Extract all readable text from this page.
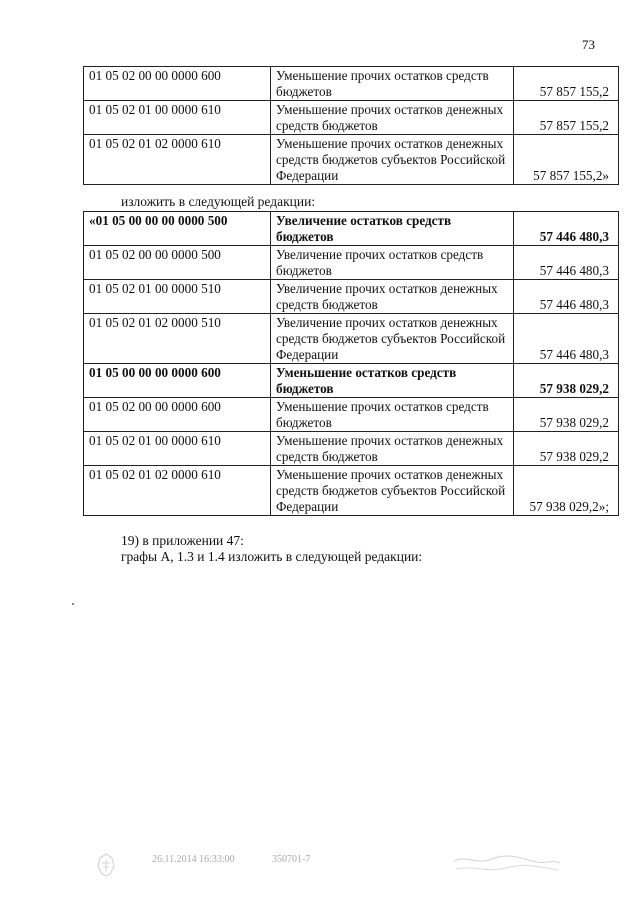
73
01 05 02 00 00 0000 600	Уменьшение прочих остатков средств бюджетов	57 857 155,2
01 05 02 01 00 0000 610	Уменьшение прочих остатков денежных средств бюджетов	57 857 155,2
01 05 02 01 02 0000 610	Уменьшение прочих остатков денежных средств бюджетов субъектов Российской Федерации	57 857 155,2»
изложить в следующей редакции:
«01 05 00 00 00 0000 500	Увеличение остатков средств бюджетов	57 446 480,3
01 05 02 00 00 0000 500	Увеличение прочих остатков средств бюджетов	57 446 480,3
01 05 02 01 00 0000 510	Увеличение прочих остатков денежных средств бюджетов	57 446 480,3
01 05 02 01 02 0000 510	Увеличение прочих остатков денежных средств бюджетов субъектов Российской Федерации	57 446 480,3
01 05 00 00 00 0000 600	Уменьшение остатков средств бюджетов	57 938 029,2
01 05 02 00 00 0000 600	Уменьшение прочих остатков средств бюджетов	57 938 029,2
01 05 02 01 00 0000 610	Уменьшение прочих остатков денежных средств бюджетов	57 938 029,2
01 05 02 01 02 0000 610	Уменьшение прочих остатков денежных средств бюджетов субъектов Российской Федерации	57 938 029,2»;
19) в приложении 47:
графы А, 1.3 и 1.4 изложить в следующей редакции:
26.11.2014 16:33:00	350701-7
